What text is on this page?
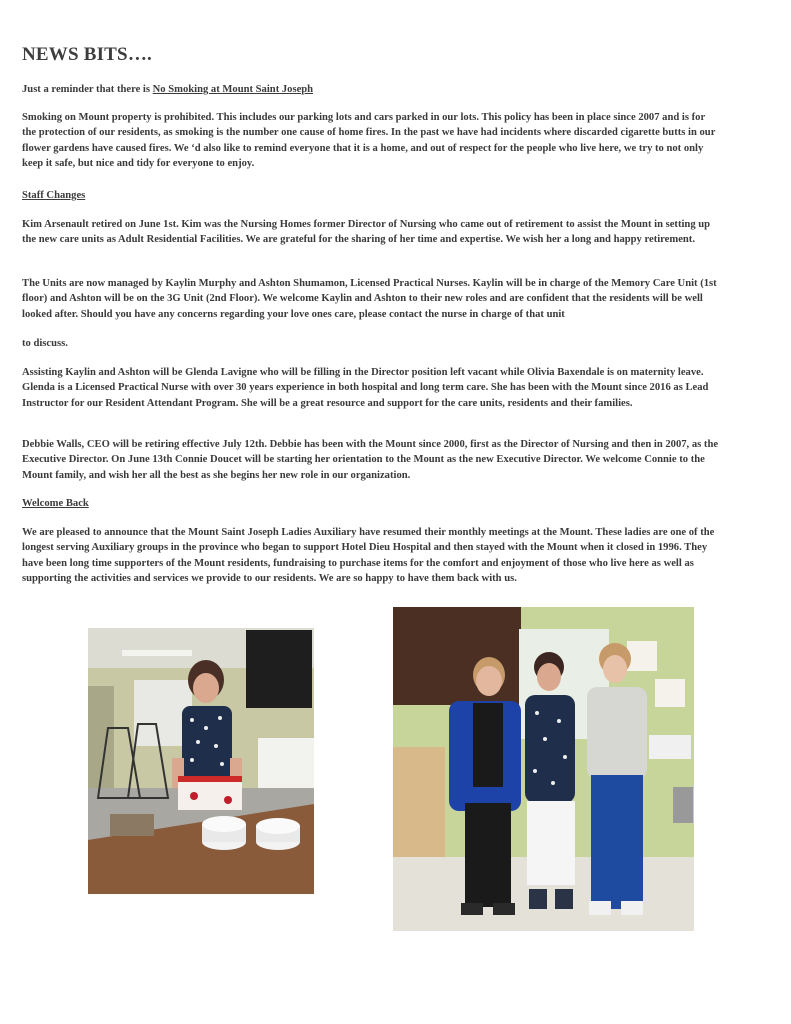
NEWS BITS….

Just a reminder that there is No Smoking at Mount Saint Joseph

Smoking on Mount property is prohibited. This includes our parking lots and cars parked in our lots. This policy has been in place since 2007 and is for the protection of our residents, as smoking is the number one cause of home fires. In the past we have had incidents where discarded cigarette butts in our flower gardens have caused fires. We ‘d also like to remind everyone that it is a home, and out of respect for the people who live here, we try to not only keep it safe, but nice and tidy for everyone to enjoy.

Staff Changes

Kim Arsenault retired on June 1st. Kim was the Nursing Homes former Director of Nursing who came out of retirement to assist the Mount in setting up the new care units as Adult Residential Facilities. We are grateful for the sharing of her time and expertise. We wish her a long and happy retirement.

The Units are now managed by Kaylin Murphy and Ashton Shumamon, Licensed Practical Nurses. Kaylin will be in charge of the Memory Care Unit (1st floor) and Ashton will be on the 3G Unit (2nd Floor). We welcome Kaylin and Ashton to their new roles and are confident that the residents will be well looked after. Should you have any concerns regarding your love ones care, please contact the nurse in charge of that unit

to discuss.

Assisting Kaylin and Ashton will be Glenda Lavigne who will be filling in the Director position left vacant while Olivia Baxendale is on maternity leave. Glenda is a Licensed Practical Nurse with over 30 years experience in both hospital and long term care. She has been with the Mount since 2016 as Lead Instructor for our Resident Attendant Program. She will be a great resource and support for the care units, residents and their families.

Debbie Walls, CEO will be retiring effective July 12th. Debbie has been with the Mount since 2000, first as the Director of Nursing and then in 2007, as the Executive Director. On June 13th Connie Doucet will be starting her orientation to the Mount as the new Executive Director. We welcome Connie to the Mount family, and wish her all the best as she begins her new role in our organization.

Welcome Back

We are pleased to announce that the Mount Saint Joseph Ladies Auxiliary have resumed their monthly meetings at the Mount. These ladies are one of the longest serving Auxiliary groups in the province who began to support Hotel Dieu Hospital and then stayed with the Mount when it closed in 1996. They have been long time supporters of the Mount residents, fundraising to purchase items for the comfort and enjoyment of those who live here as well as supporting the activities and services we provide to our residents. We are so happy to have them back with us.
